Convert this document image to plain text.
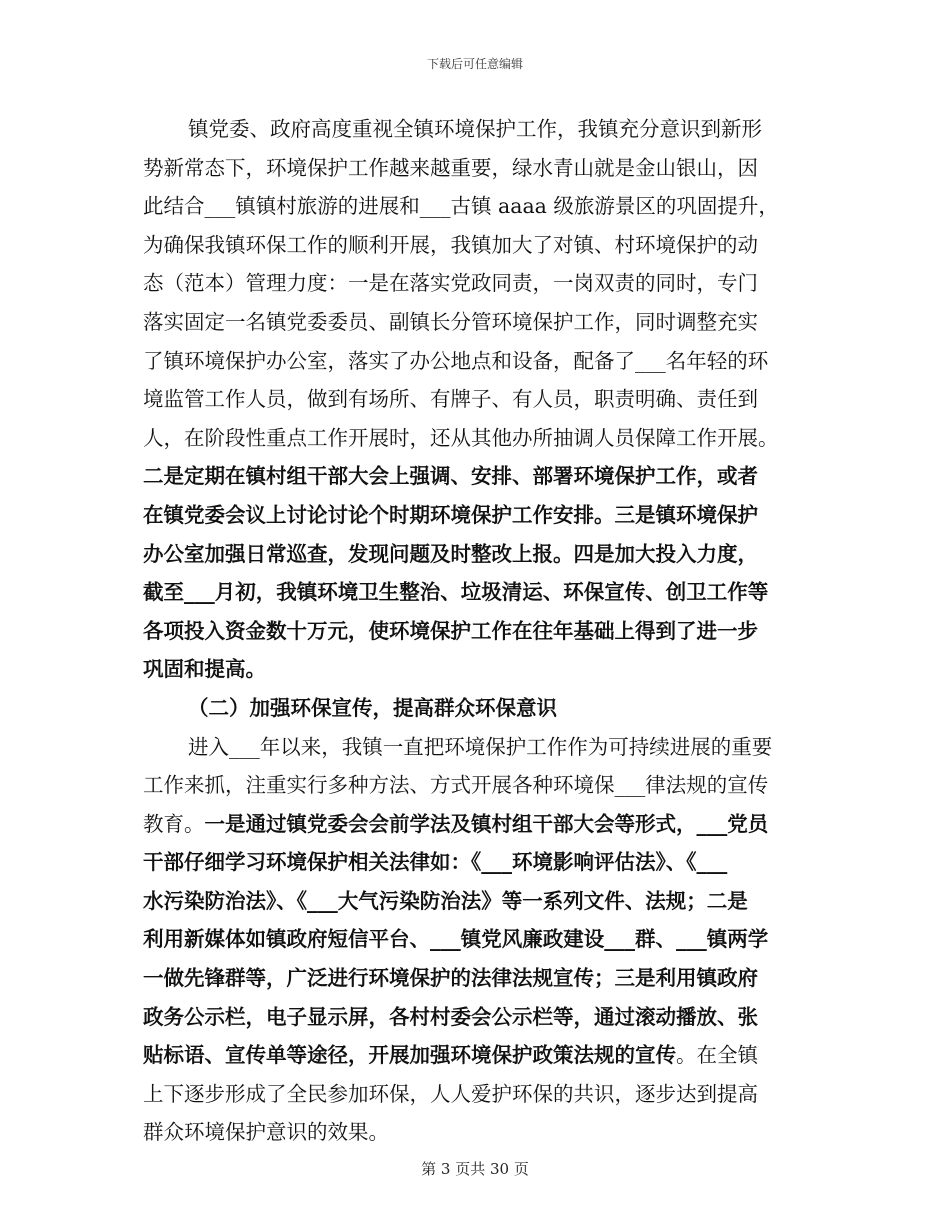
下载后可任意编辑
镇党委、政府高度重视全镇环境保护工作，我镇充分意识到新形
势新常态下，环境保护工作越来越重要，绿水青山就是金山银山，因
此结合___镇镇村旅游的进展和___古镇 aaaa 级旅游景区的巩固提升，
为确保我镇环保工作的顺利开展，我镇加大了对镇、村环境保护的动
态（范本）管理力度：一是在落实党政同责，一岗双责的同时，专门
落实固定一名镇党委委员、副镇长分管环境保护工作，同时调整充实
了镇环境保护办公室，落实了办公地点和设备，配备了___名年轻的环
境监管工作人员，做到有场所、有牌子、有人员，职责明确、责任到
人，在阶段性重点工作开展时，还从其他办所抽调人员保障工作开展。
二是定期在镇村组干部大会上强调、安排、部署环境保护工作，或者
在镇党委会议上讨论讨论个时期环境保护工作安排。三是镇环境保护
办公室加强日常巡查，发现问题及时整改上报。四是加大投入力度，
截至___月初，我镇环境卫生整治、垃圾清运、环保宣传、创卫工作等
各项投入资金数十万元，使环境保护工作在往年基础上得到了进一步
巩固和提高。
（二）加强环保宣传，提高群众环保意识
进入___年以来，我镇一直把环境保护工作作为可持续进展的重要
工作来抓，注重实行多种方法、方式开展各种环境保___律法规的宣传
教育。一是通过镇党委会会前学法及镇村组干部大会等形式，___党员
干部仔细学习环境保护相关法律如：《___环境影响评估法》、《___
水污染防治法》、《___大气污染防治法》等一系列文件、法规；二是
利用新媒体如镇政府短信平台、___镇党风廉政建设___群、___镇两学
一做先锋群等，广泛进行环境保护的法律法规宣传；三是利用镇政府
政务公示栏，电子显示屏，各村村委会公示栏等，通过滚动播放、张
贴标语、宣传单等途径，开展加强环境保护政策法规的宣传。在全镇
上下逐步形成了全民参加环保，人人爱护环保的共识，逐步达到提高
群众环境保护意识的效果。
第 3 页共 30 页
